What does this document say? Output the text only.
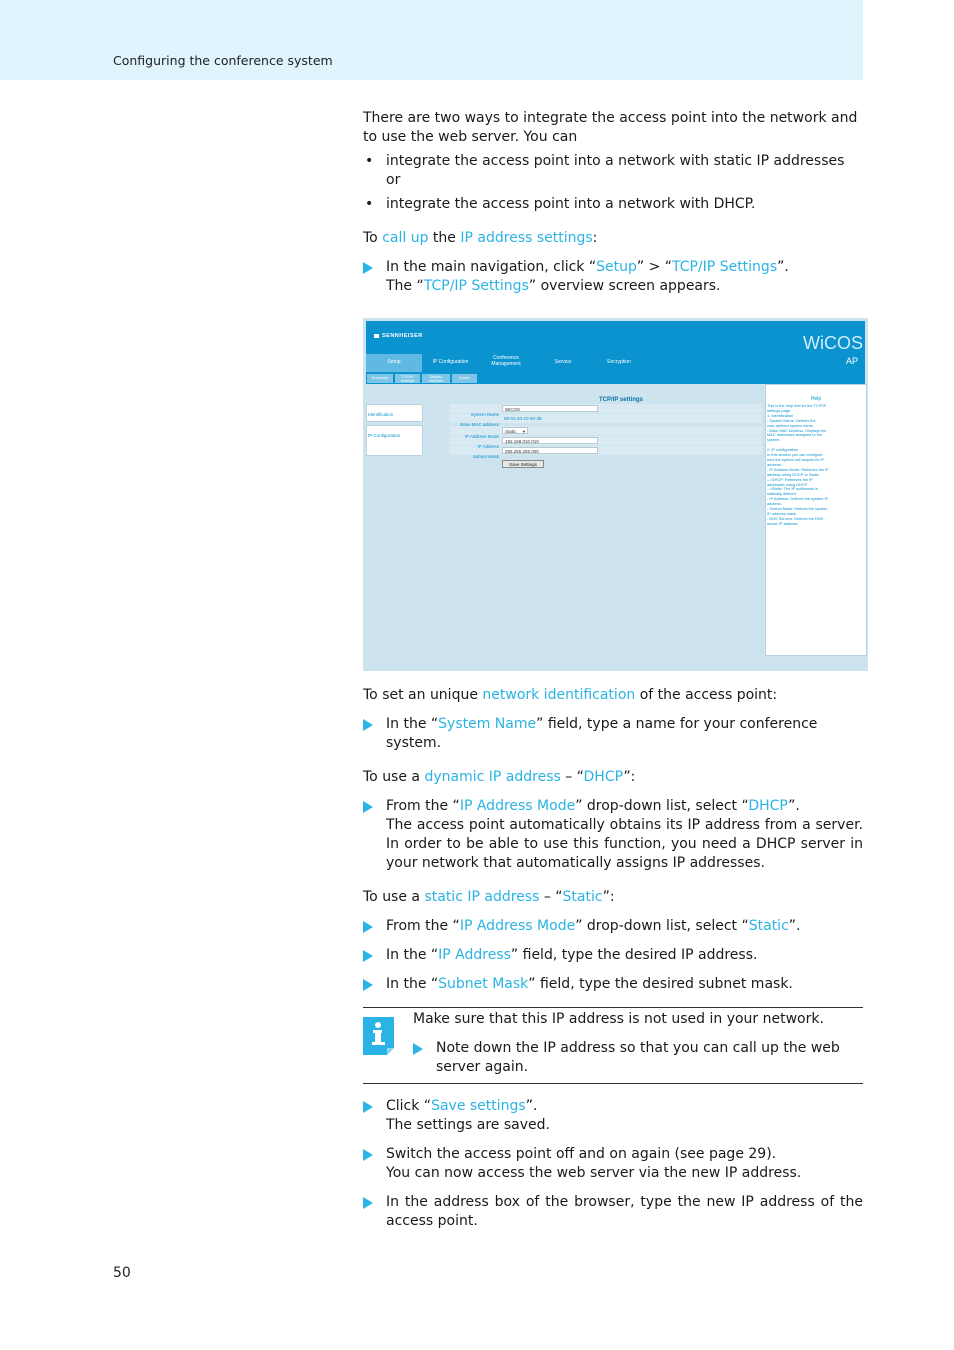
Configuring the conference system

There are two ways to integrate the access point into the network and to use the web server. You can

• integrate the access point into a network with static IP addresses or
• integrate the access point into a network with DHCP.

To call up the IP address settings:

In the main navigation, click “Setup” > “TCP/IP Settings”.
The “TCP/IP Settings” overview screen appears.
SENNHEISER	WiCOS
AP
Setup	IP Configuration
Conference
Management	Service	Encryption
Summary	TCP/IP
Settings
Display
Interface
Admin
Identification
IP Configuration
TCP/IP settings
System Name
WiCOS
Base MAC address
00-01-20-10-00-3E
IP Address Mode
Static ▼
IP Address
192.168.010.010
Subnet Mask
255.255.255.000
Save Settings
Help
This is the help text for the TCP/IP
settings page.
1. Identification
- System Name: Defines the
user-defined system name.
- Base MAC Address: Displays the
MAC addresses assigned to the
system.

2. IP configuration
In this section you can configure
how the system will acquire its IP
address.
- IP Address Mode: Retrieves the IP
address using DHCP or Static.
-->DHCP: Retrieves the IP
addresses using DHCP
-->Static: The IP addresses is
statically defined.
- IP Address: Defines the system IP
address.
- Subnet Mask: Defines the system
IP address mask.
- DNS Servers: Defines the DNS
server IP address.

To set an unique network identification of the access point:

In the “System Name” field, type a name for your conference system.

To use a dynamic IP address – “DHCP”:

From the “IP Address Mode” drop-down list, select “DHCP”.
The access point automatically obtains its IP address from a server. In order to be able to use this function, you need a DHCP server in your network that automatically assigns IP addresses.

To use a static IP address – “Static”:

From the “IP Address Mode” drop-down list, select “Static”.
In the “IP Address” field, type the desired IP address.
In the “Subnet Mask” field, type the desired subnet mask.

Make sure that this IP address is not used in your network.

Note down the IP address so that you can call up the web server again.
Click “Save settings”.
The settings are saved.
Switch the access point off and on again (see page 29).
You can now access the web server via the new IP address.
In the address box of the browser, type the new IP address of the access point.
50
